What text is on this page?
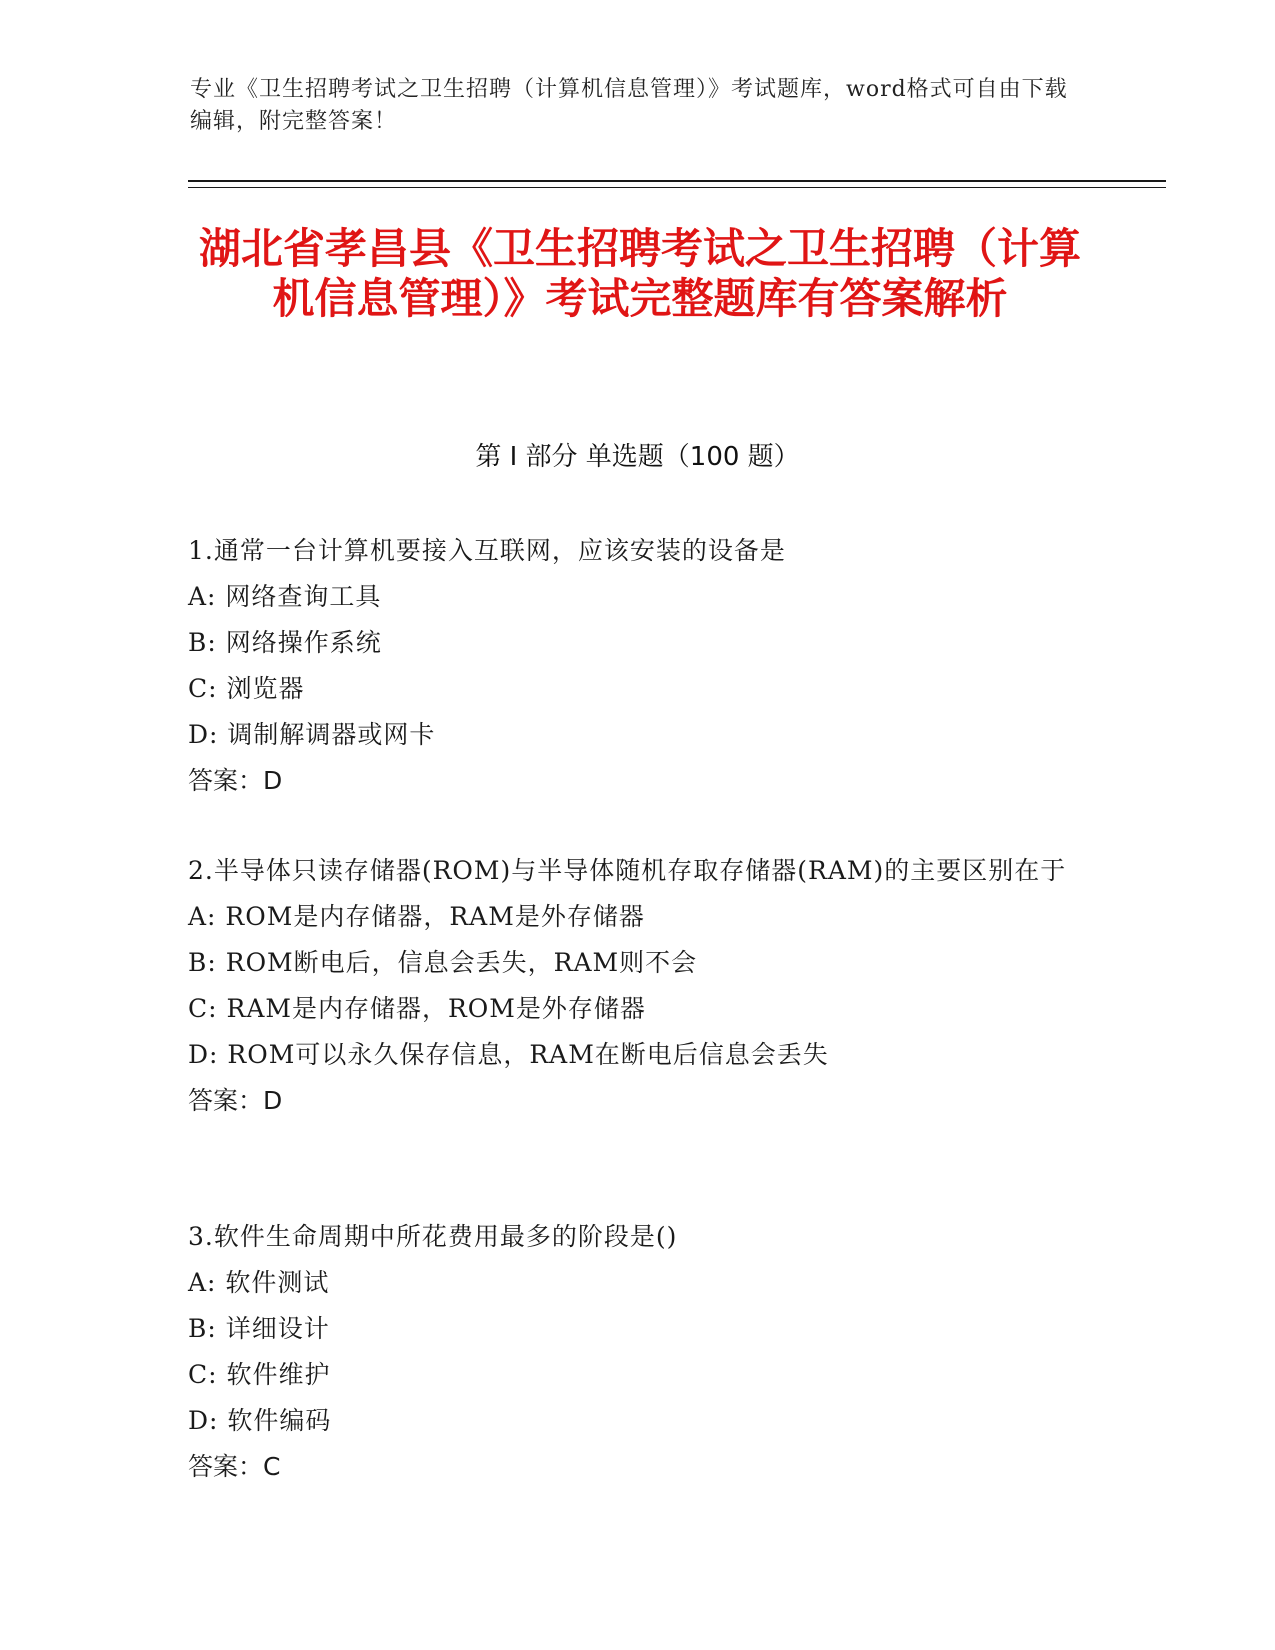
专业《卫生招聘考试之卫生招聘（计算机信息管理）》考试题库，word格式可自由下载编辑，附完整答案！
湖北省孝昌县《卫生招聘考试之卫生招聘（计算机信息管理）》考试完整题库有答案解析
第 I 部分 单选题（100 题）
1.通常一台计算机要接入互联网，应该安装的设备是
A: 网络查询工具
B: 网络操作系统
C: 浏览器
D: 调制解调器或网卡
答案：D
2.半导体只读存储器(ROM)与半导体随机存取存储器(RAM)的主要区别在于
A: ROM是内存储器，RAM是外存储器
B: ROM断电后，信息会丢失，RAM则不会
C: RAM是内存储器，ROM是外存储器
D: ROM可以永久保存信息，RAM在断电后信息会丢失
答案：D
3.软件生命周期中所花费用最多的阶段是()
A: 软件测试
B: 详细设计
C: 软件维护
D: 软件编码
答案：C
